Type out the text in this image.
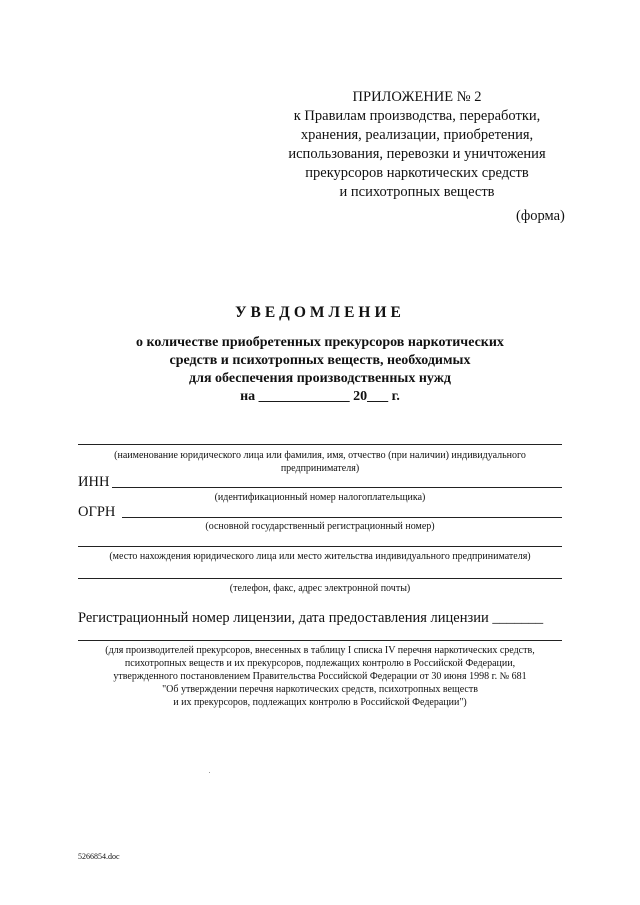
ПРИЛОЖЕНИЕ № 2
к Правилам производства, переработки,
хранения, реализации, приобретения,
использования, перевозки и уничтожения
прекурсоров наркотических средств
и психотропных веществ
(форма)
УВЕДОМЛЕНИЕ
о количестве приобретенных прекурсоров наркотических
средств и психотропных веществ, необходимых
для обеспечения производственных нужд
на _____________ 20___ г.
(наименование юридического лица или фамилия, имя, отчество (при наличии) индивидуального
предпринимателя)
ИНН
(идентификационный номер налогоплательщика)
ОГРН
(основной государственный регистрационный номер)
(место нахождения юридического лица или место жительства индивидуального предпринимателя)
(телефон, факс, адрес электронной почты)
Регистрационный номер лицензии, дата предоставления лицензии _______
(для производителей прекурсоров, внесенных в таблицу I списка IV перечня наркотических средств,
психотропных веществ и их прекурсоров, подлежащих контролю в Российской Федерации,
утвержденного постановлением Правительства Российской Федерации от 30 июня 1998 г. № 681
"Об утверждении перечня наркотических средств, психотропных веществ
и их прекурсоров, подлежащих контролю в Российской Федерации")
5266854.doc
